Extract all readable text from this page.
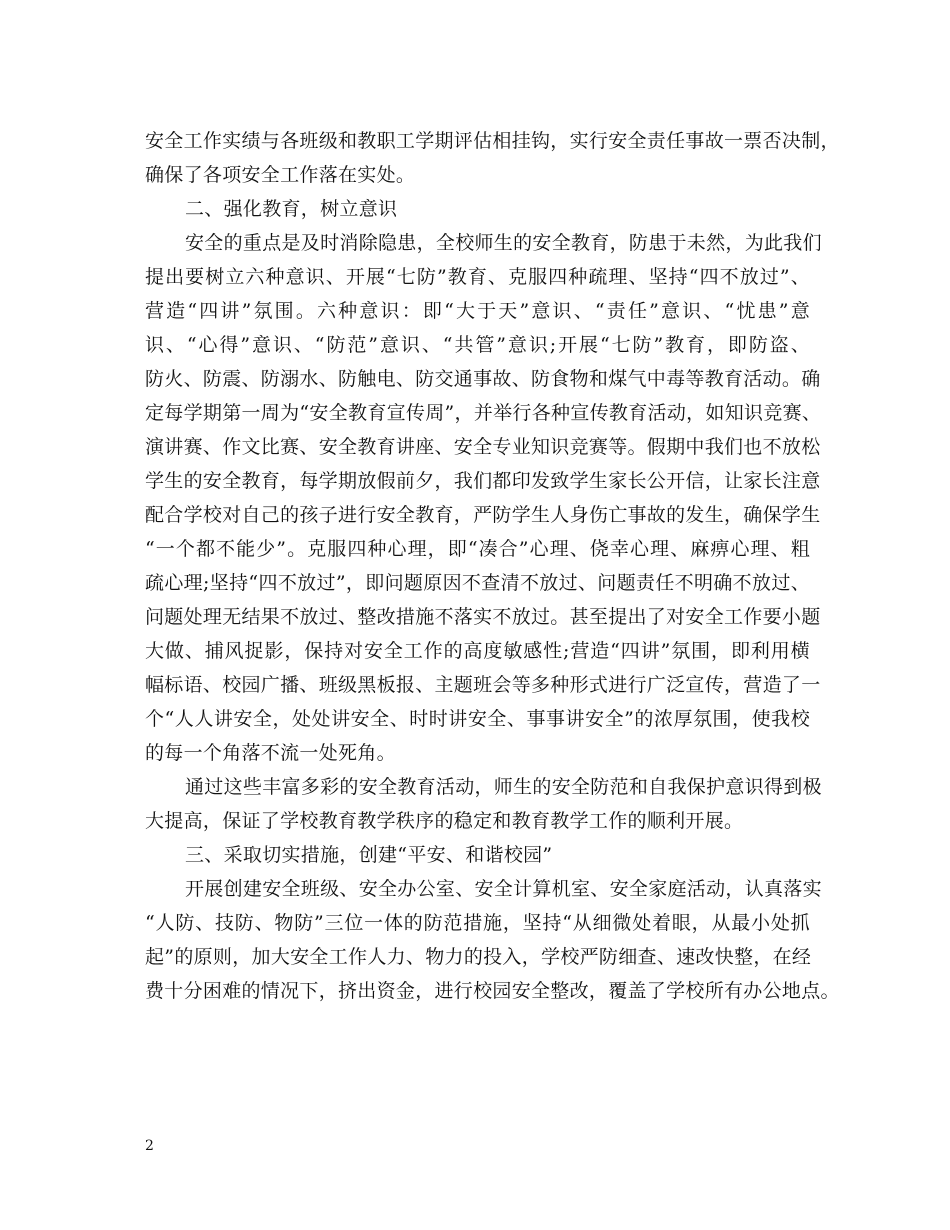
安全工作实绩与各班级和教职工学期评估相挂钩，实行安全责任事故一票否决制，
确保了各项安全工作落在实处。
二、强化教育，树立意识
安全的重点是及时消除隐患，全校师生的安全教育，防患于未然，为此我们
提出要树立六种意识、开展“七防”教育、克服四种疏理、坚持“四不放过”、
营造“四讲”氛围。六种意识：即“大于天”意识、“责任”意识、“忧患”意
识、“心得”意识、“防范”意识、“共管”意识;开展“七防”教育，即防盗、
防火、防震、防溺水、防触电、防交通事故、防食物和煤气中毒等教育活动。确
定每学期第一周为“安全教育宣传周”，并举行各种宣传教育活动，如知识竞赛、
演讲赛、作文比赛、安全教育讲座、安全专业知识竞赛等。假期中我们也不放松
学生的安全教育，每学期放假前夕，我们都印发致学生家长公开信，让家长注意
配合学校对自己的孩子进行安全教育，严防学生人身伤亡事故的发生，确保学生
“一个都不能少”。克服四种心理，即“凑合”心理、侥幸心理、麻痹心理、粗
疏心理;坚持“四不放过”，即问题原因不查清不放过、问题责任不明确不放过、
问题处理无结果不放过、整改措施不落实不放过。甚至提出了对安全工作要小题
大做、捕风捉影，保持对安全工作的高度敏感性;营造“四讲”氛围，即利用横
幅标语、校园广播、班级黑板报、主题班会等多种形式进行广泛宣传，营造了一
个“人人讲安全，处处讲安全、时时讲安全、事事讲安全”的浓厚氛围，使我校
的每一个角落不流一处死角。
通过这些丰富多彩的安全教育活动，师生的安全防范和自我保护意识得到极
大提高，保证了学校教育教学秩序的稳定和教育教学工作的顺利开展。
三、采取切实措施，创建“平安、和谐校园”
开展创建安全班级、安全办公室、安全计算机室、安全家庭活动，认真落实
“人防、技防、物防”三位一体的防范措施，坚持“从细微处着眼，从最小处抓
起”的原则，加大安全工作人力、物力的投入，学校严防细查、速改快整，在经
费十分困难的情况下，挤出资金，进行校园安全整改，覆盖了学校所有办公地点。
2
